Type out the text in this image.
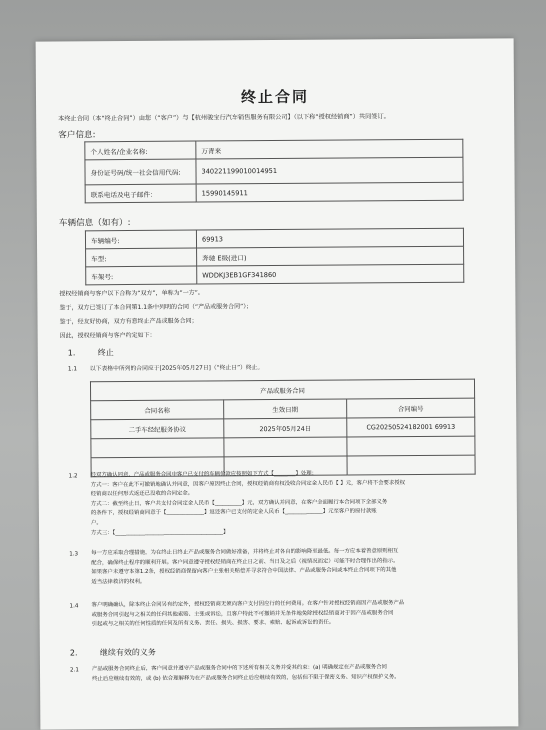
终止合同
本终止合同（本“终止合同”）由您（“客户”）与【杭州骏宝行汽车销售服务有限公司】（以下称“授权经销商”）共同签订。
客户信息:
个人姓名/企业名称:	万青来
身份证号码/统一社会信用代码:	340221199010014951
联系电话及电子邮件：	15990145911
车辆信息（如有）:
车辆编号:	69913
车型:	奔驰 E级(进口)
车架号:	WDDKJ3EB1GF341860
授权经销商与客户以下合称为“双方”，单称为“一方”。
鉴于，双方已签订了本合同第1.1条中列明的合同（“产品或服务合同”）；
鉴于，经友好协商，双方有意终止产品或服务合同；
因此，授权经销商与客户约定如下：
1.	终止
1.1 以下表格中所列的合同应于[2025年05月27日]（“终止日”）终止。
产品或服务合同		
合同名称	生效日期	合同编号
二手车经纪服务协议	2025年05月24日	CG20250524182001 69913

1.2 经双方确认同意，产品或服务合同中客户已支付的车辆价款应按照如下方式【________】处理：
方式一：客户在此不可撤销地确认并同意，因客户原因终止合同，授权经销商有权没收合同定金人民币【 】元，客户将不会要求授权
经销商以任何形式返还已没收的合同定金。
方式二：截至终止日，客户共支付合同定金人民币【__________】元，双方确认并同意，在客户全面履行本合同项下全部义务
的条件下，授权经销商同意于【______________】返还客户已支付的定金人民币【______________】元至客户的原付款账
户。
方式三：【________________________________________】
1.3 每一方应采取合理措施，为在终止日终止产品或服务合同做好准备，并将终止对各自的影响降至最低。每一方应本着善意原则相互
配合，确保终止程序的顺利开展。客户同意遵守授权经销商在终止日之前、当日及之后（视情况而定）可能不时合理作出的指示。
如果客户未遵守本第1.2条，授权经销商保留向客户主张相关赔偿并寻求符合中国法律、产品或服务合同或本终止合同项下的其他
适当法律救济的权利。
1.4 客户明确确认，除本终止合同另有约定外，授权经销商无须向客户支付因应行的任何费用。在客户针对授权经销商因产品或服务产品
或服务合同引起与之相关的任何其他索赔、主张或诉讼，且客户特此不可撤销并无条件地免除授权经销商对于因产品或服务合同
引起或与之相关的任何性质的任何及所有义务、责任、损失、损害、要求、索赔、起诉或诉讼的责任。
2.	继续有效的义务
2.1 产品或服务合同终止后，客户同意并遵守产品或服务合同中的下述所有相关义务并受其约束：(a) 明确规定在产品或服务合同
终止后应继续有效的，或 (b) 依合理解释为在产品或服务合同终止后应继续有效的，包括但不限于保密义务、知识产权保护义务。
